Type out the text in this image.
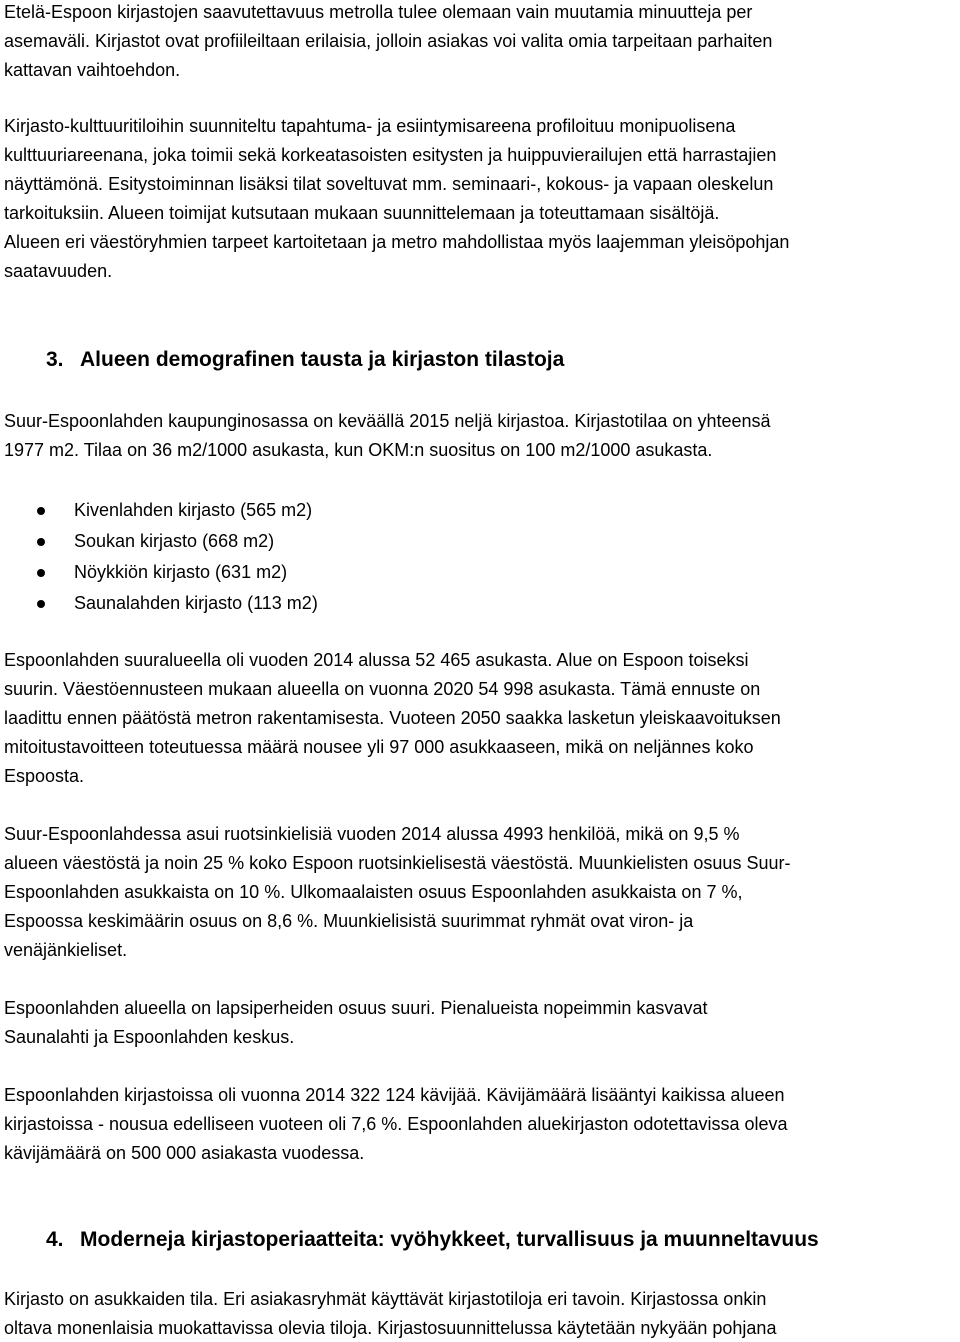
Etelä-Espoon kirjastojen saavutettavuus metrolla tulee olemaan vain muutamia minuutteja per
asemaväli. Kirjastot ovat profiileiltaan erilaisia, jolloin asiakas voi valita omia tarpeitaan parhaiten
kattavan vaihtoehdon.

Kirjasto-kulttuuritiloihin suunniteltu tapahtuma- ja esiintymisareena profiloituu monipuolisena
kulttuuriareenana, joka toimii sekä korkeatasoisten esitysten ja huippuvierailujen että harrastajien
näyttämönä. Esitystoiminnan lisäksi tilat soveltuvat mm. seminaari-, kokous- ja vapaan oleskelun
tarkoituksiin. Alueen toimijat kutsutaan mukaan suunnittelemaan ja toteuttamaan sisältöjä.
Alueen eri väestöryhmien tarpeet kartoitetaan ja metro mahdollistaa myös laajemman yleisöpohjan
saatavuuden.

3. Alueen demografinen tausta ja kirjaston tilastoja

Suur-Espoonlahden kaupunginosassa on keväällä 2015 neljä kirjastoa. Kirjastotilaa on yhteensä
1977 m2. Tilaa on 36 m2/1000 asukasta, kun OKM:n suositus on 100 m2/1000 asukasta.

Kivenlahden kirjasto (565 m2)
Soukan kirjasto (668 m2)
Nöykkiön kirjasto (631 m2)
Saunalahden kirjasto (113 m2)

Espoonlahden suuralueella oli vuoden 2014 alussa 52 465 asukasta. Alue on Espoon toiseksi
suurin. Väestöennusteen mukaan alueella on vuonna 2020 54 998 asukasta. Tämä ennuste on
laadittu ennen päätöstä metron rakentamisesta. Vuoteen 2050 saakka lasketun yleiskaavoituksen
mitoitustavoitteen toteutuessa määrä nousee yli 97 000 asukkaaseen, mikä on neljännes koko
Espoosta.

Suur-Espoonlahdessa asui ruotsinkielisiä vuoden 2014 alussa 4993 henkilöä, mikä on 9,5 %
alueen väestöstä ja noin 25 % koko Espoon ruotsinkielisestä väestöstä. Muunkielisten osuus Suur-
Espoonlahden asukkaista on 10 %. Ulkomaalaisten osuus Espoonlahden asukkaista on 7 %,
Espoossa keskimäärin osuus on 8,6 %. Muunkielisistä suurimmat ryhmät ovat viron- ja
venäjänkieliset.

Espoonlahden alueella on lapsiperheiden osuus suuri. Pienalueista nopeimmin kasvavat
Saunalahti ja Espoonlahden keskus.

Espoonlahden kirjastoissa oli vuonna 2014 322 124 kävijää. Kävijämäärä lisääntyi kaikissa alueen
kirjastoissa - nousua edelliseen vuoteen oli 7,6 %. Espoonlahden aluekirjaston odotettavissa oleva
kävijämäärä on 500 000 asiakasta vuodessa.

4. Moderneja kirjastoperiaatteita: vyöhykkeet, turvallisuus ja muunneltavuus

Kirjasto on asukkaiden tila. Eri asiakasryhmät käyttävät kirjastotiloja eri tavoin. Kirjastossa onkin
oltava monenlaisia muokattavissa olevia tiloja. Kirjastosuunnittelussa käytetään nykyään pohjana
